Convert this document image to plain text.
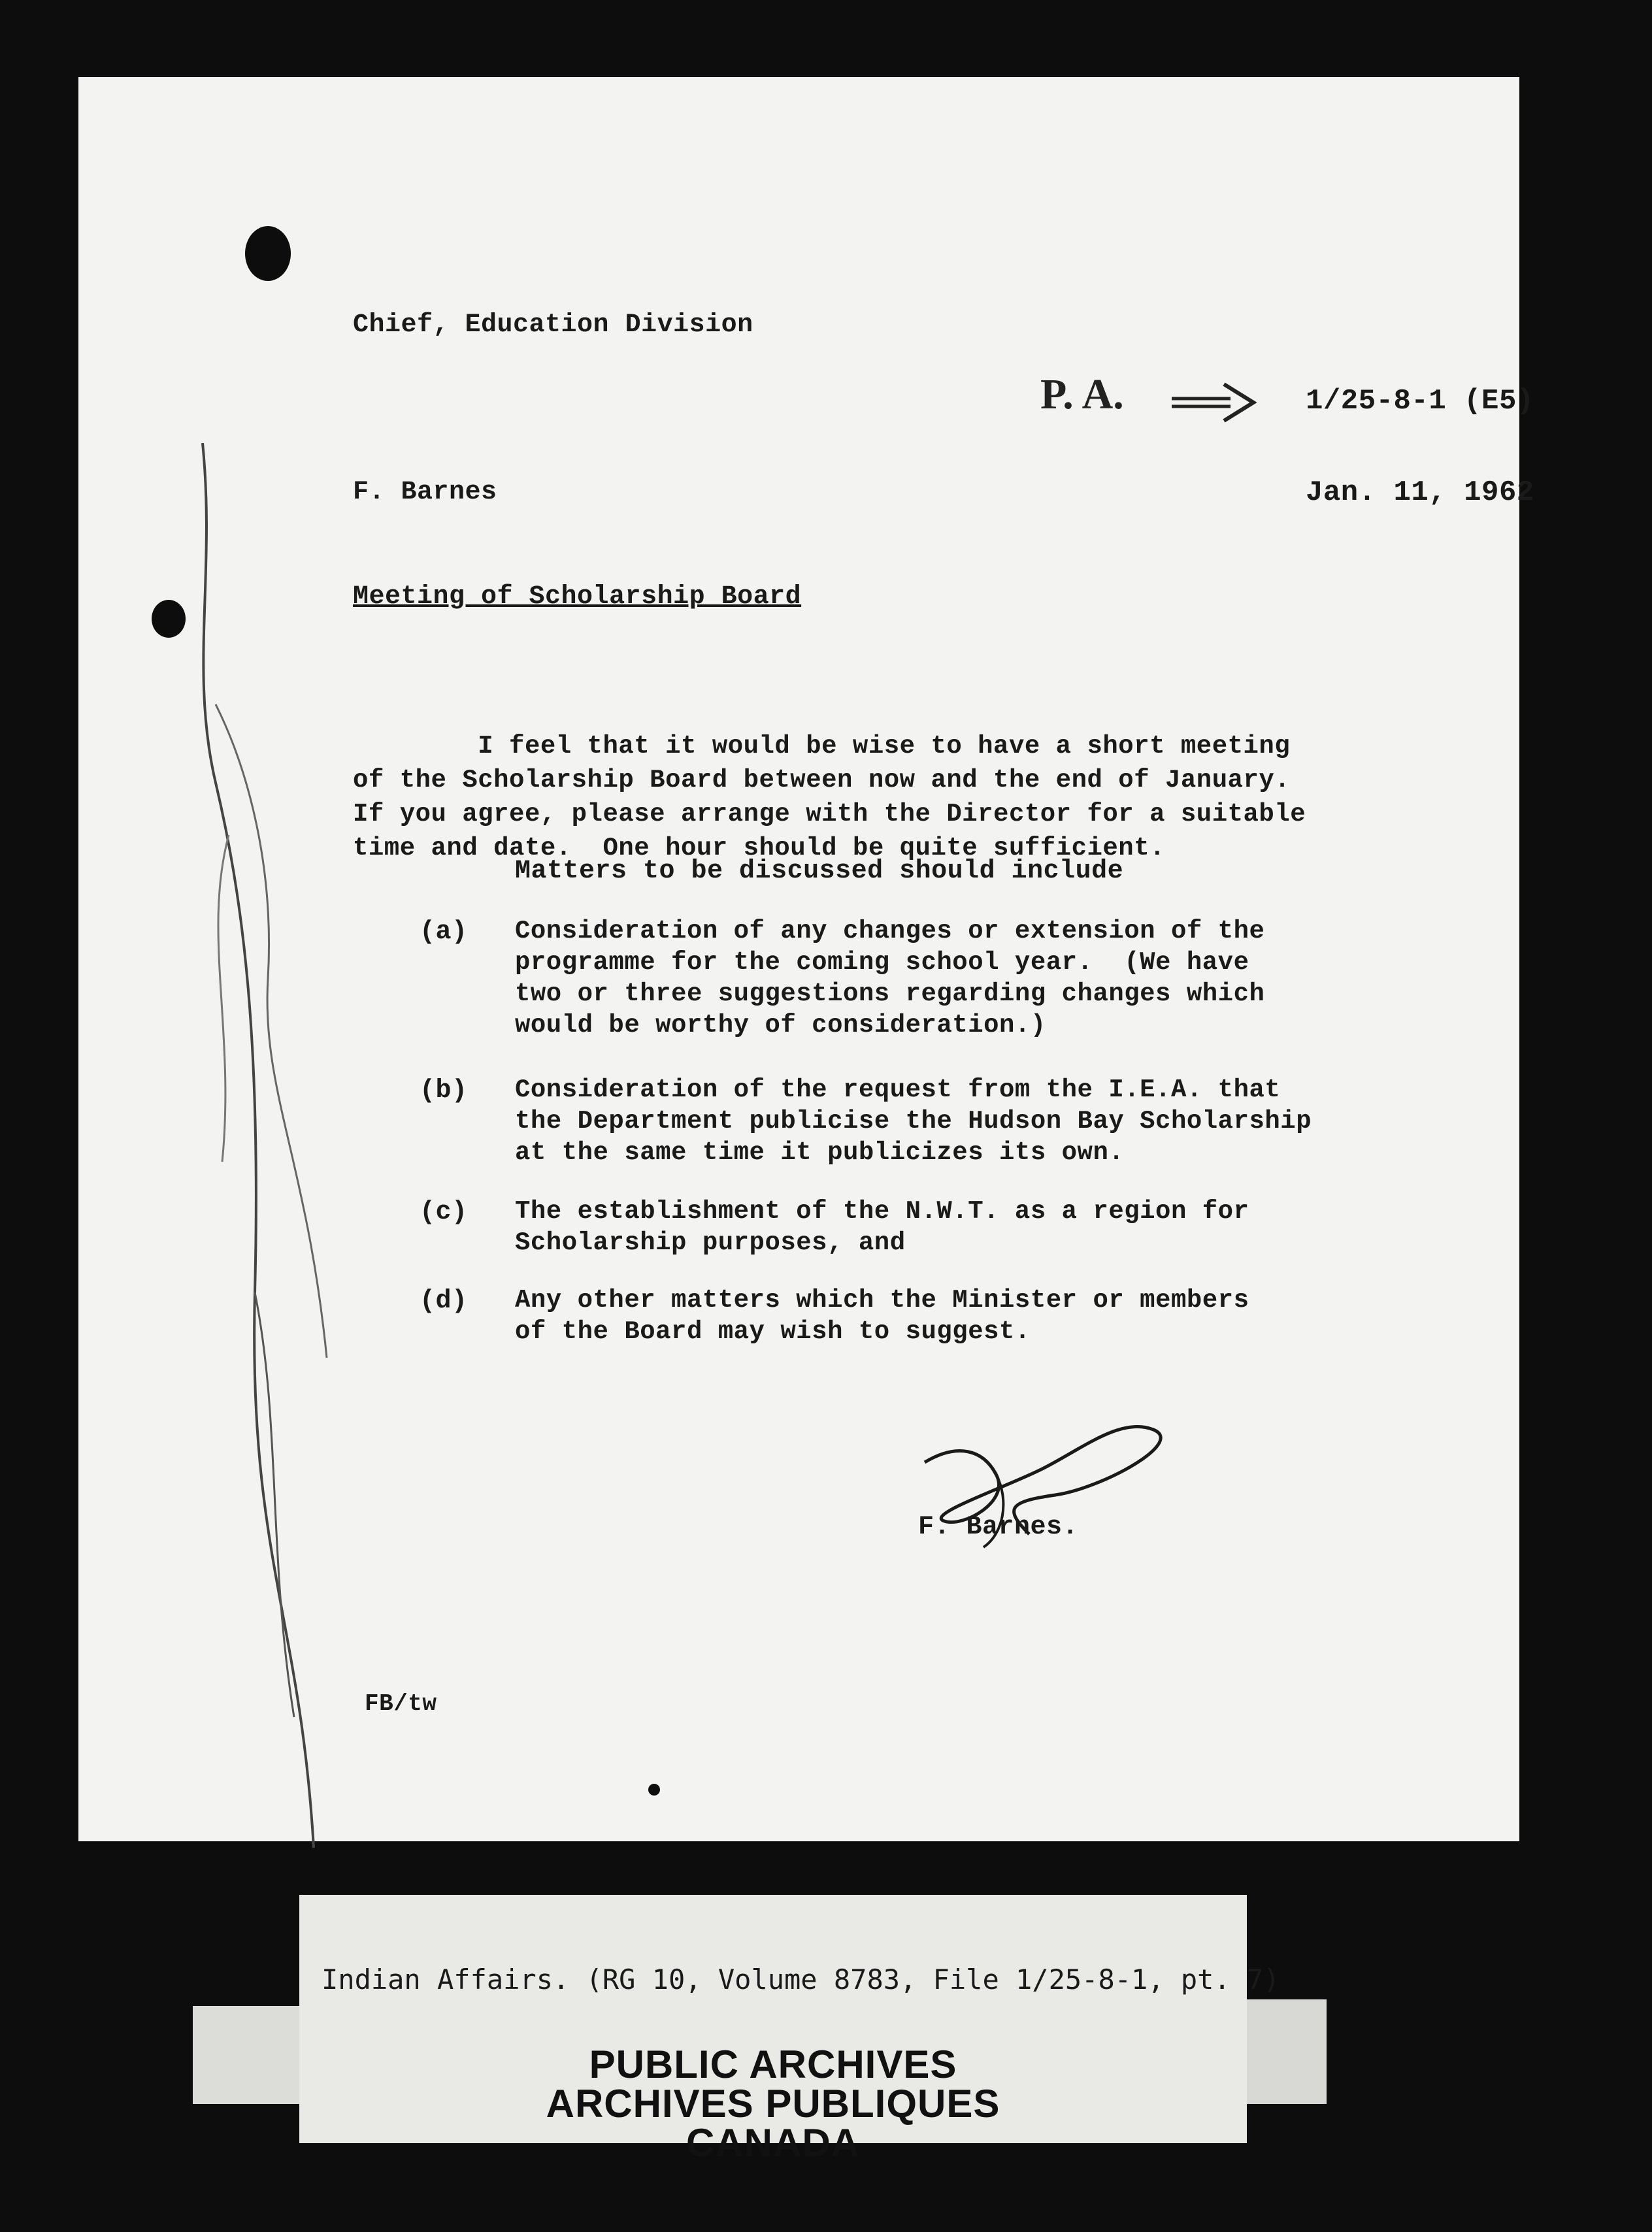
Chief, Education Division
P. A.	1/25-8-1 (E5)
F. Barnes	Jan. 11, 1962
Meeting of Scholarship Board

I feel that it would be wise to have a short meeting
of the Scholarship Board between now and the end of January.
If you agree, please arrange with the Director for a suitable
time and date.  One hour should be quite sufficient.
Matters to be discussed should include
(a) Consideration of any changes or extension of the
programme for the coming school year.  (We have
two or three suggestions regarding changes which
would be worthy of consideration.)
(b) Consideration of the request from the I.E.A. that
the Department publicise the Hudson Bay Scholarship
at the same time it publicizes its own.
(c) The establishment of the N.W.T. as a region for
Scholarship purposes, and
(d) Any other matters which the Minister or members
of the Board may wish to suggest.
F. Barnes.
FB/tw
Indian Affairs. (RG 10, Volume 8783, File 1/25-8-1, pt. 7)
PUBLIC ARCHIVES
ARCHIVES PUBLIQUES
CANADA
